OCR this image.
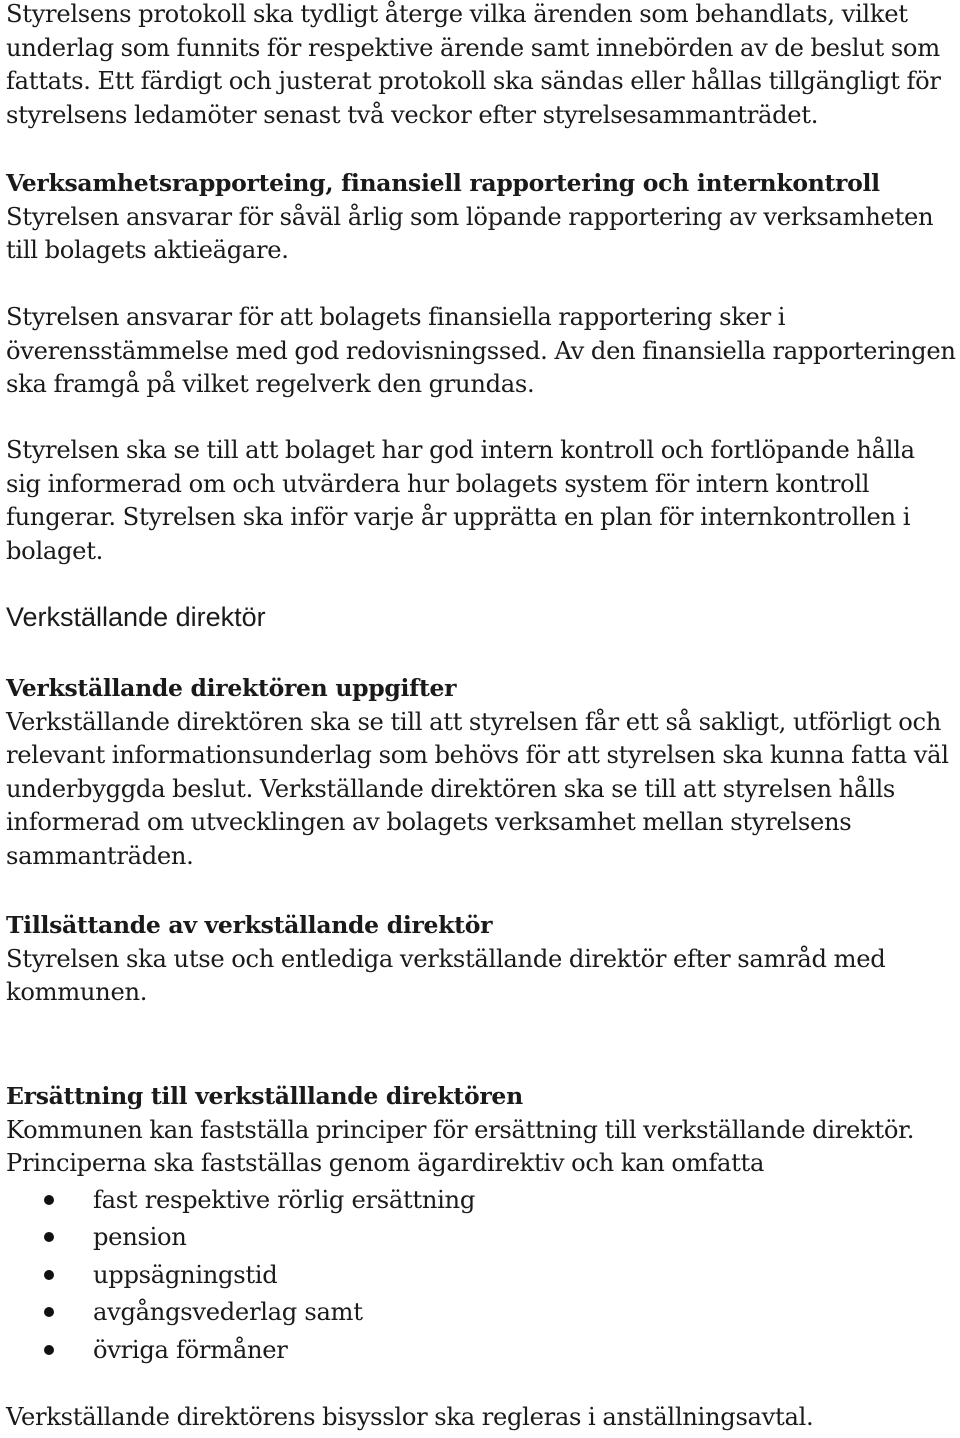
Styrelsens protokoll ska tydligt återge vilka ärenden som behandlats, vilket underlag som funnits för respektive ärende samt innebörden av de beslut som fattats. Ett färdigt och justerat protokoll ska sändas eller hållas tillgängligt för styrelsens ledamöter senast två veckor efter styrelsesammanträdet.

Verksamhetsrapporteing, finansiell rapportering och internkontroll

Styrelsen ansvarar för såväl årlig som löpande rapportering av verksamheten till bolagets aktieägare.

Styrelsen ansvarar för att bolagets finansiella rapportering sker i överensstämmelse med god redovisningssed. Av den finansiella rapporteringen ska framgå på vilket regelverk den grundas.

Styrelsen ska se till att bolaget har god intern kontroll och fortlöpande hålla sig informerad om och utvärdera hur bolagets system för intern kontroll fungerar. Styrelsen ska inför varje år upprätta en plan för internkontrollen i bolaget.

Verkställande direktör

Verkställande direktören uppgifter

Verkställande direktören ska se till att styrelsen får ett så sakligt, utförligt och relevant informationsunderlag som behövs för att styrelsen ska kunna fatta väl underbyggda beslut. Verkställande direktören ska se till att styrelsen hålls informerad om utvecklingen av bolagets verksamhet mellan styrelsens sammanträden.

Tillsättande av verkställande direktör

Styrelsen ska utse och entlediga verkställande direktör efter samråd med kommunen.

Ersättning till verkställlande direktören

Kommunen kan fastställa principer för ersättning till verkställande direktör. Principerna ska fastställas genom ägardirektiv och kan omfatta

fast respektive rörlig ersättning
pension
uppsägningstid
avgångsvederlag samt
övriga förmåner

Verkställande direktörens bisysslor ska regleras i anställningsavtal.
